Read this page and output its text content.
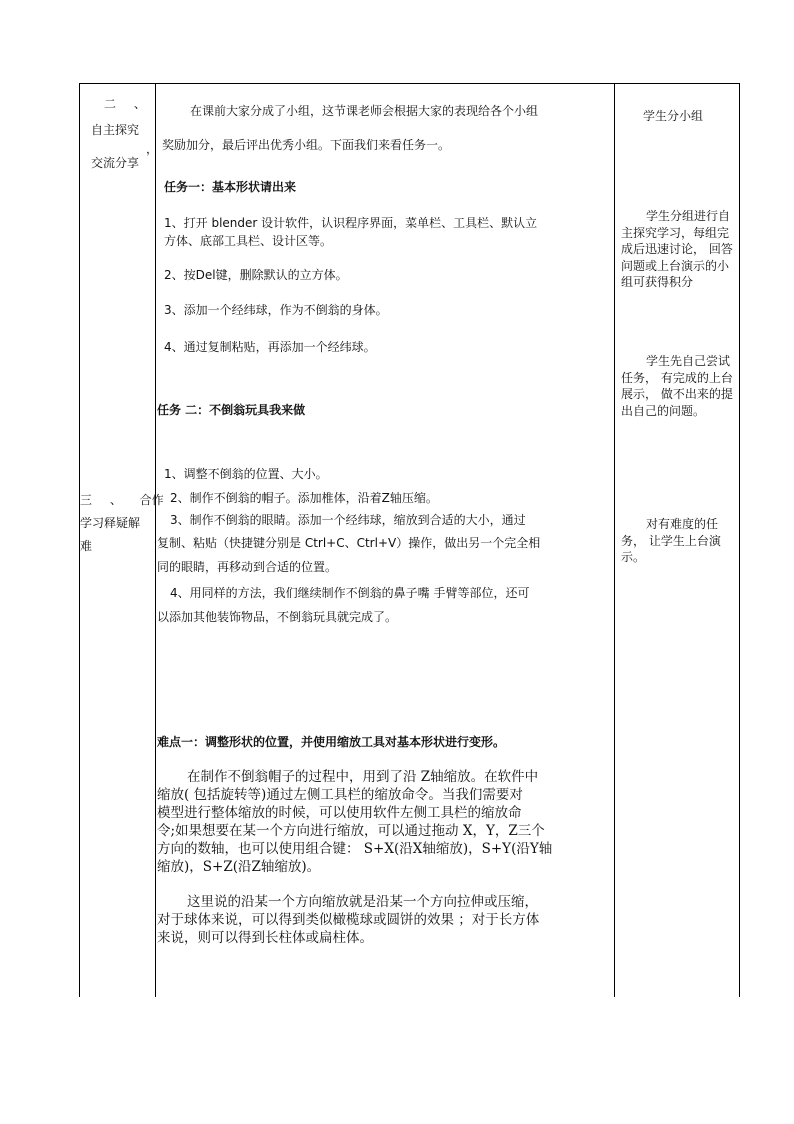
二 、
自主探究
，
交流分享
三 、 合作
学习释疑解
难
在课前大家分成了小组，这节课老师会根据大家的表现给各个小组
奖励加分，最后评出优秀小组。下面我们来看任务一。
任务一：基本形状请出来
1、打开 blender 设计软件，认识程序界面，菜单栏、工具栏、默认立
方体、底部工具栏、设计区等。
2、按Del键，删除默认的立方体。
3、添加一个经纬球，作为不倒翁的身体。
4、通过复制粘贴，再添加一个经纬球。
任务 二：不倒翁玩具我来做
1、调整不倒翁的位置、大小。
2、制作不倒翁的帽子。添加椎体，沿着Z轴压缩。
3、制作不倒翁的眼睛。添加一个经纬球，缩放到合适的大小，通过
复制、粘贴（快捷键分别是 Ctrl+C、Ctrl+V）操作，做出另一个完全相
同的眼睛，再移动到合适的位置。
4、用同样的方法，我们继续制作不倒翁的鼻子嘴 手臂等部位，还可
以添加其他装饰物品，不倒翁玩具就完成了。
难点一：调整形状的位置，并使用缩放工具对基本形状进行变形。
在制作不倒翁帽子的过程中，用到了沿 Z轴缩放。在软件中
缩放( 包括旋转等)通过左侧工具栏的缩放命令。当我们需要对
模型进行整体缩放的时候，可以使用软件左侧工具栏的缩放命
令;如果想要在某一个方向进行缩放，可以通过拖动 X，Y，Z三个
方向的数轴，也可以使用组合键： S+X(沿X轴缩放)，S+Y(沿Y轴
缩放)，S+Z(沿Z轴缩放)。
这里说的沿某一个方向缩放就是沿某一个方向拉伸或压缩，
对于球体来说，可以得到类似橄榄球或圆饼的效果 ；对于长方体
来说，则可以得到长柱体或扁柱体。
学生分小组
学生分组进行自主探究学习，每组完成后迅速讨论， 回答问题或上台演示的小组可获得积分
学生先自己尝试任务， 有完成的上台展示， 做不出来的提出自己的问题。
对有难度的任务， 让学生上台演示。
